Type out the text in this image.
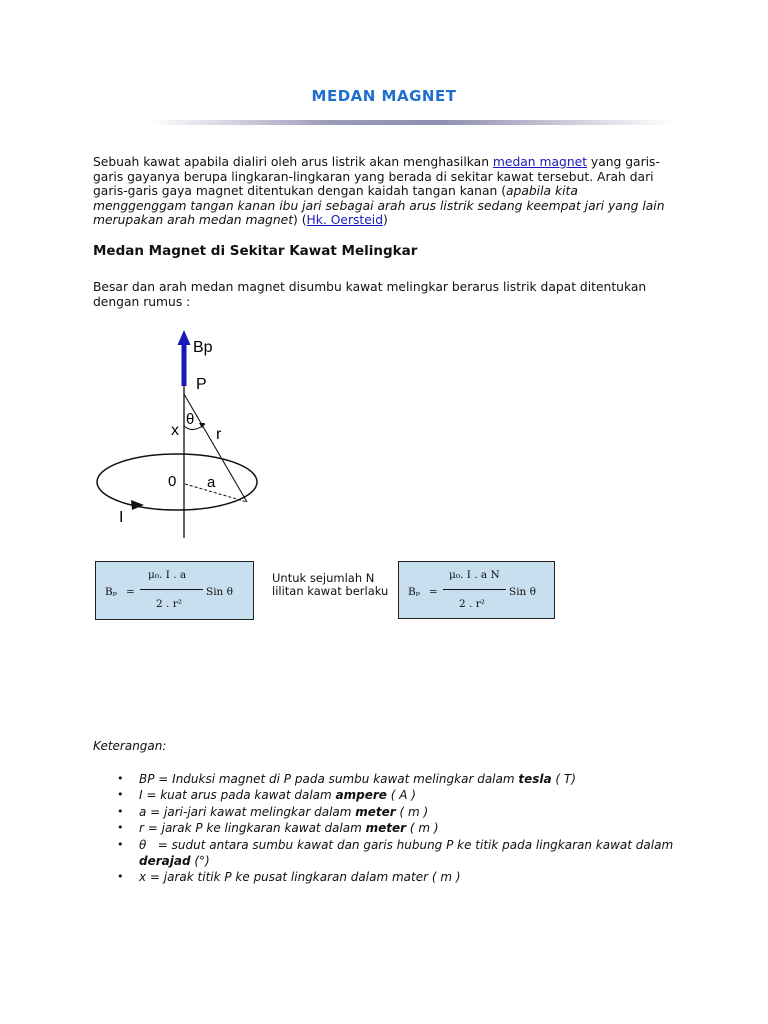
MEDAN MAGNET
Sebuah kawat apabila dialiri oleh arus listrik akan menghasilkan medan magnet yang garis-garis gayanya berupa lingkaran-lingkaran yang berada di sekitar kawat tersebut. Arah dari garis-garis gaya magnet ditentukan dengan kaidah tangan kanan (apabila kita menggenggam tangan kanan ibu jari sebagai arah arus listrik sedang keempat jari yang lain merupakan arah medan magnet) (Hk. Oersteid)
Medan Magnet di Sekitar Kawat Melingkar
Besar dan arah medan magnet disumbu kawat melingkar berarus listrik dapat ditentukan dengan rumus :
Bp
P
θ
x r
0 a
I
Bₚ =
μ₀. I . a
2 . r²
Sin θ
Untuk sejumlah N lilitan kawat berlaku	Bₚ =
μ₀. I . a N
2 . r²
Sin θ
Keterangan:
• BP = Induksi magnet di P pada sumbu kawat melingkar dalam tesla ( T)
• I = kuat arus pada kawat dalam ampere ( A )
• a = jari-jari kawat melingkar dalam meter ( m )
• r = jarak P ke lingkaran kawat dalam meter ( m )
• θ   = sudut antara sumbu kawat dan garis hubung P ke titik pada lingkaran kawat dalam          derajad (°)
• x = jarak titik P ke pusat lingkaran dalam mater ( m )
